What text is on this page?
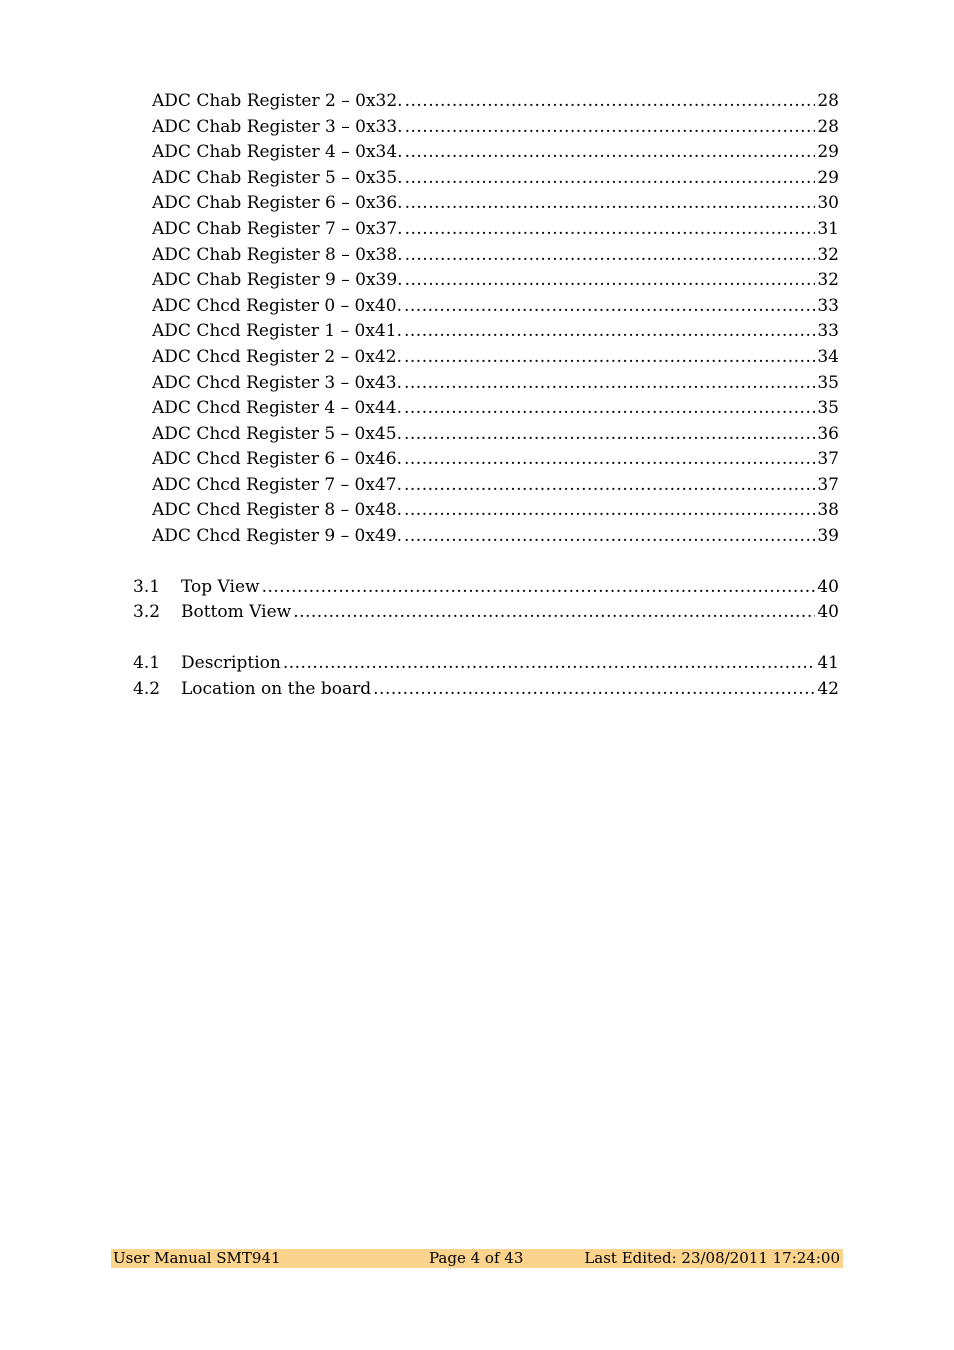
ADC Chab Register 2 – 0x32. .....	28
ADC Chab Register 3 – 0x33. .....	28
ADC Chab Register 4 – 0x34. .....	29
ADC Chab Register 5 – 0x35. .....	29
ADC Chab Register 6 – 0x36. .....	30
ADC Chab Register 7 – 0x37. .....	31
ADC Chab Register 8 – 0x38. .....	32
ADC Chab Register 9 – 0x39. .....	32
ADC Chcd Register 0 – 0x40. .....	33
ADC Chcd Register 1 – 0x41. .....	33
ADC Chcd Register 2 – 0x42. .....	34
ADC Chcd Register 3 – 0x43. .....	35
ADC Chcd Register 4 – 0x44. .....	35
ADC Chcd Register 5 – 0x45. .....	36
ADC Chcd Register 6 – 0x46. .....	37
ADC Chcd Register 7 – 0x47. .....	37
ADC Chcd Register 8 – 0x48. .....	38
ADC Chcd Register 9 – 0x49. .....	39
3.1 Top View .....	40
3.2 Bottom View .....	40
4.1 Description .....	41
4.2 Location on the board .....	42
User Manual SMT941	Page 4 of 43	Last Edited: 23/08/2011 17:24:00
